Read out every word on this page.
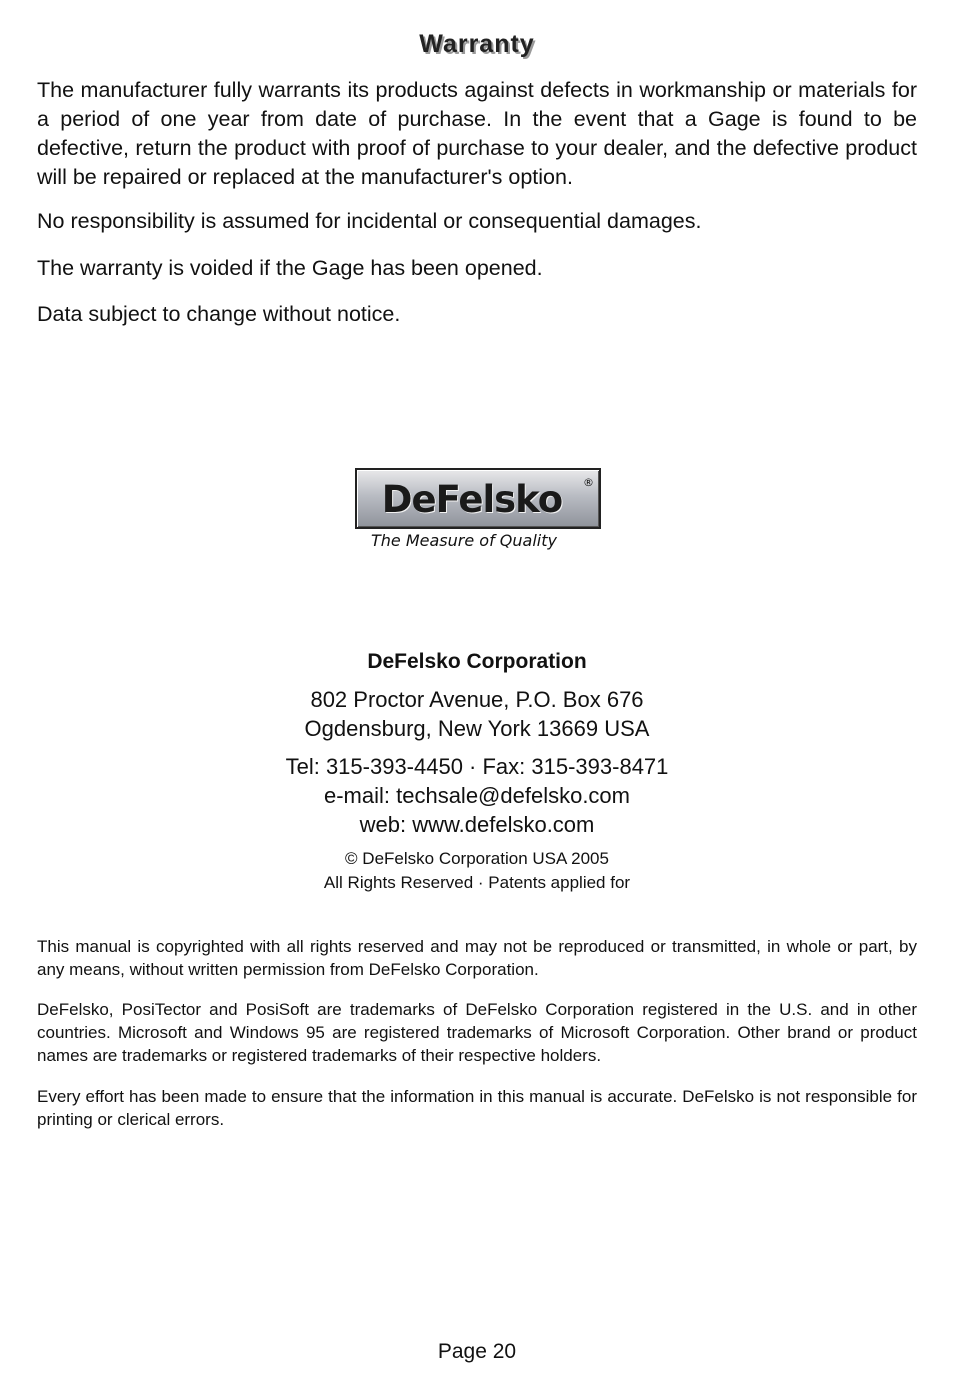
Warranty

The manufacturer fully warrants its products against defects in workmanship or materials for a period of one year from date of purchase. In the event that a Gage is found to be defective, return the product with proof of purchase to your dealer, and the defective product will be repaired or replaced at the manufacturer's option.

No responsibility is assumed for incidental or consequential damages.

The warranty is voided if the Gage has been opened.

Data subject to change without notice.

DeFelsko	®
The Measure of Quality

DeFelsko Corporation

802 Proctor Avenue, P.O. Box 676

Ogdensburg, New York 13669 USA

Tel: 315-393-4450 · Fax: 315-393-8471

e-mail: techsale@defelsko.com

web: www.defelsko.com

© DeFelsko Corporation USA 2005

All Rights Reserved · Patents applied for

This manual is copyrighted with all rights reserved and may not be reproduced or transmitted, in whole or part, by any means, without written permission from DeFelsko Corporation.

DeFelsko, PosiTector and PosiSoft are trademarks of DeFelsko Corporation registered in the U.S. and in other countries. Microsoft and Windows 95 are registered trademarks of Microsoft Corporation. Other brand or product names are trademarks or registered trademarks of their respective holders.

Every effort has been made to ensure that the information in this manual is accurate. DeFelsko is not responsible for printing or clerical errors.

Page 20
